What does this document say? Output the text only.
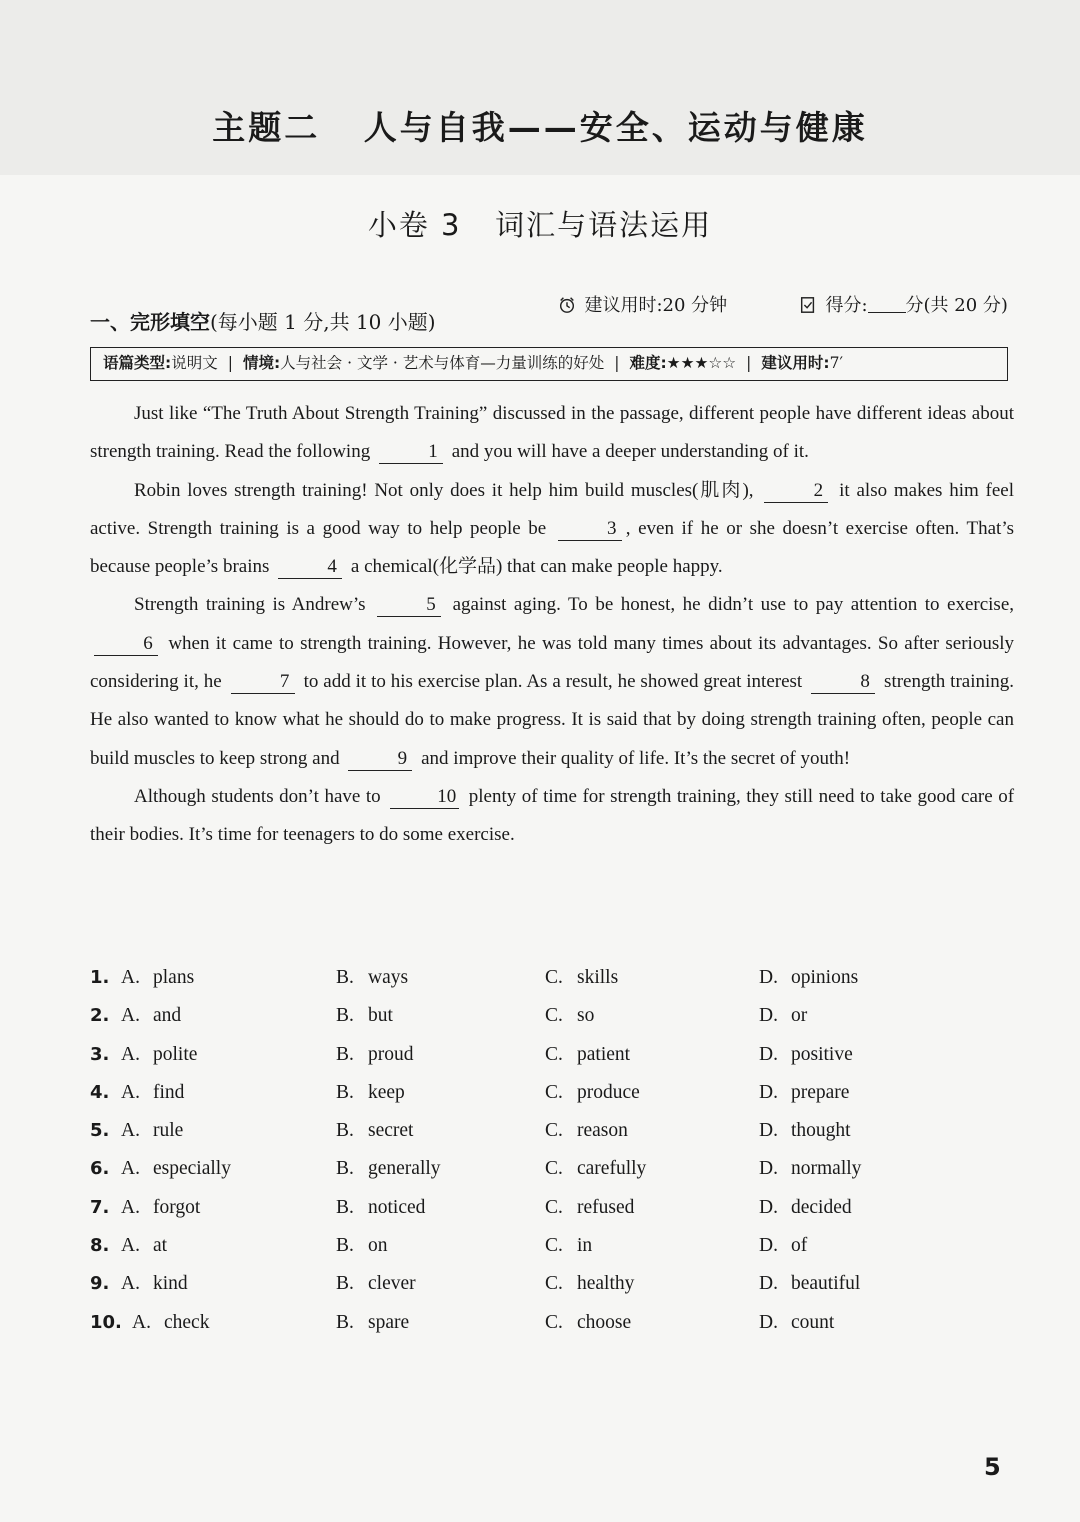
主题二   人与自我——安全、运动与健康
小卷 3   词汇与语法运用

建议用时:20 分钟	得分: 分(共 20 分)

一、完形填空(每小题 1 分,共 10 小题)
语篇类型:说明文 | 情境:人与社会 · 文学 · 艺术与体育—力量训练的好处 | 难度:★★★☆☆ | 建议用时:7′

Just like “The Truth About Strength Training” discussed in the passage, different people have different ideas about strength training. Read the following	1 and you will have a deeper understanding of it.

Robin loves strength training! Not only does it help him build muscles(肌肉),	2 it also makes him feel active. Strength training is a good way to help people be	3 , even if he or she doesn’t exercise often. That’s because people’s brains	4 a chemical(化学品) that can make people happy.

Strength training is Andrew’s	5 against aging. To be honest, he didn’t use to pay attention to exercise, 6 when it came to strength training. However, he was told many times about its advantages. So after seriously considering it, he	7 to add it to his exercise plan. As a result, he showed great interest	8 strength training. He also wanted to know what he should do to make progress. It is said that by doing strength training often, people can build muscles to keep strong and	9 and improve their quality of life. It’s the secret of youth!

Although students don’t have to	10 plenty of time for strength training, they still need to take good care of their bodies. It’s time for teenagers to do some exercise.

1. A. plans	B. ways	C. skills	D. opinions
2. A. and	B. but	C. so	D. or
3. A. polite	B. proud	C. patient	D. positive
4. A. find	B. keep	C. produce	D. prepare
5. A. rule	B. secret	C. reason	D. thought
6. A. especially	B. generally	C. carefully	D. normally
7. A. forgot	B. noticed	C. refused	D. decided
8. A. at	B. on	C. in	D. of
9. A. kind	B. clever	C. healthy	D. beautiful
10. A. check	B. spare	C. choose	D. count
5
